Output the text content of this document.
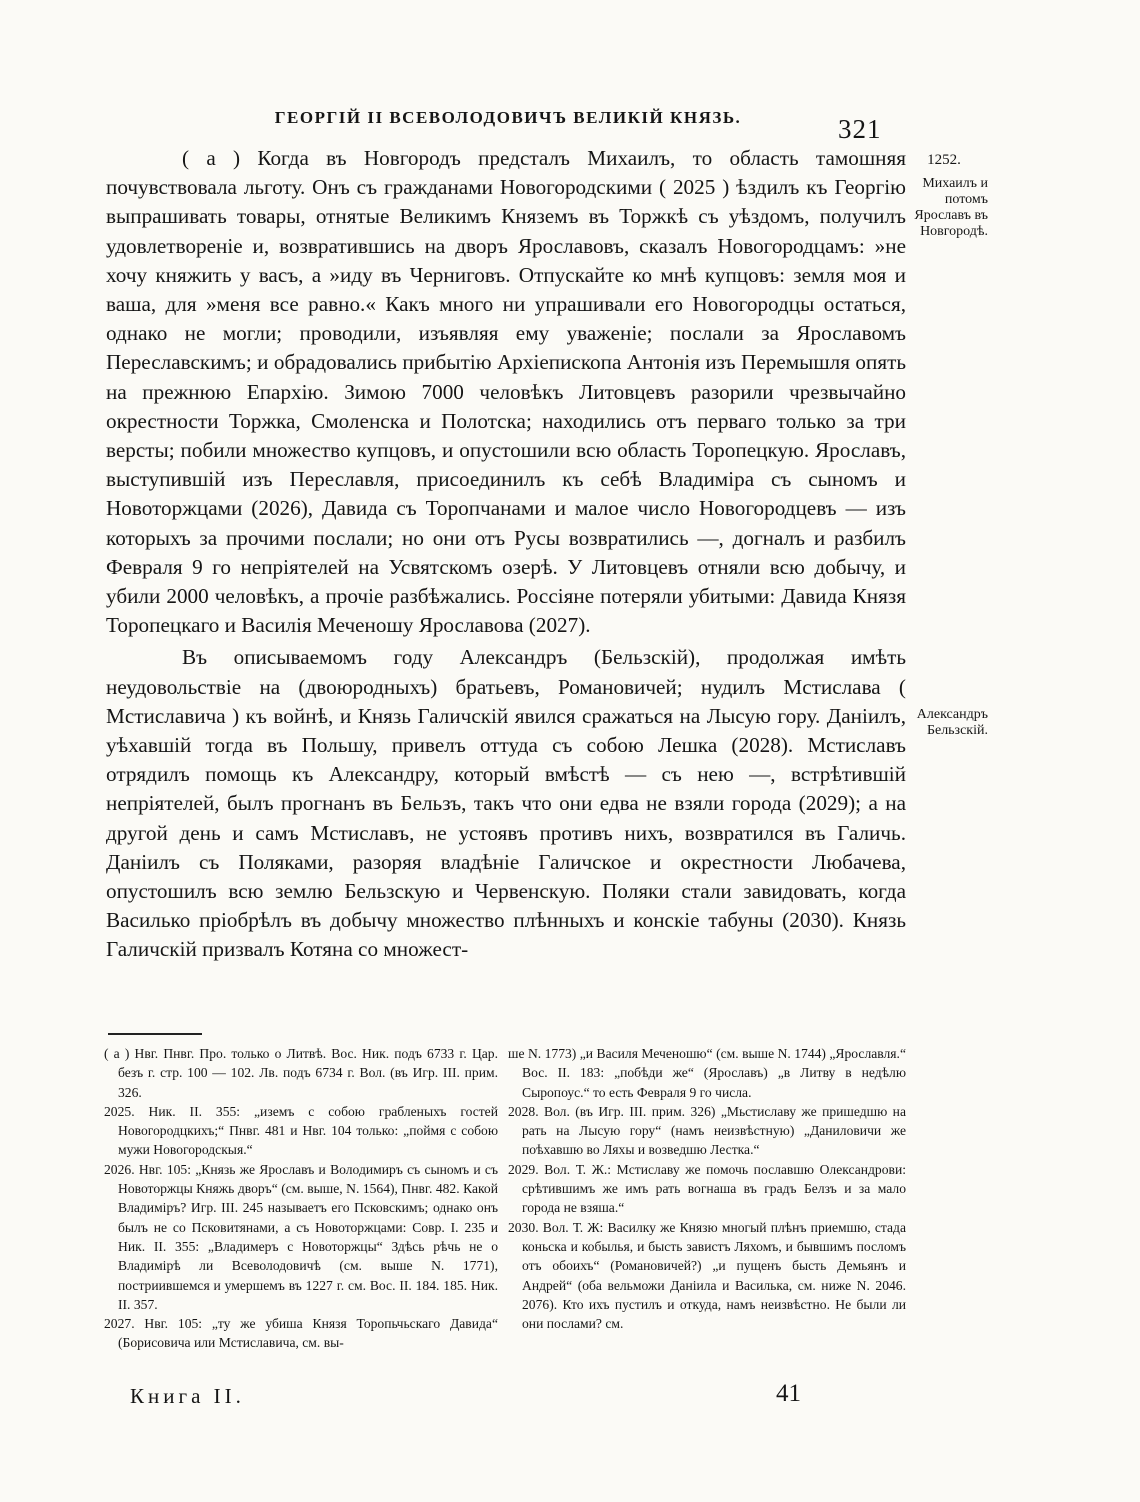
ГЕОРГІЙ II ВСЕВОЛОДОВИЧЪ ВЕЛИКІЙ КНЯЗЬ.	321
1252.
Михаилъ и потомъ Ярославъ въ Новгородѣ.
Александръ Бельзскій.

( а ) Когда въ Новгородъ предсталъ Михаилъ, то область тамошняя почувствовала льготу. Онъ съ гражданами Новогородскими ( 2025 ) ѣздилъ къ Георгію выпрашивать товары, отнятые Великимъ Княземъ въ Торжкѣ съ уѣздомъ, получилъ удовлетвореніе и, возвратившись на дворъ Ярославовъ, сказалъ Новогородцамъ: »не хочу княжить у васъ, а »иду въ Черниговъ. Отпускайте ко мнѣ купцовъ: земля моя и ваша, для »меня все равно.« Какъ много ни упрашивали его Новогородцы остаться, однако не могли; проводили, изъявляя ему уваженіе; послали за Ярославомъ Переславскимъ; и обрадовались прибытію Архіепископа Антонія изъ Перемышля опять на прежнюю Епархію. Зимою 7000 человѣкъ Литовцевъ разорили чрезвычайно окрестности Торжка, Смоленска и Полотска; находились отъ перваго только за три версты; побили множество купцовъ, и опустошили всю область Торопецкую. Ярославъ, выступившій изъ Переславля, присоединилъ къ себѣ Владиміра съ сыномъ и Новоторжцами (2026), Давида съ Торопчанами и малое число Новогородцевъ — изъ которыхъ за прочими послали; но они отъ Русы возвратились —, догналъ и разбилъ Февраля 9 го непріятелей на Усвятскомъ озерѣ. У Литовцевъ отняли всю добычу, и убили 2000 человѣкъ, а прочіе разбѣжались. Россіяне потеряли убитыми: Давида Князя Торопецкаго и Василія Меченошу Ярославова (2027).

Въ описываемомъ году Александръ (Бельзскій), продолжая имѣть неудовольствіе на (двоюродныхъ) братьевъ, Романовичей; нудилъ Мстислава ( Мстиславича ) къ войнѣ, и Князь Галичскій явился сражаться на Лысую гору. Даніилъ, уѣхавшій тогда въ Польшу, привелъ оттуда съ собою Лешка (2028). Мстиславъ отрядилъ помощь къ Александру, который вмѣстѣ — съ нею —, встрѣтившій непріятелей, былъ прогнанъ въ Бельзъ, такъ что они едва не взяли города (2029); а на другой день и самъ Мстиславъ, не устоявъ противъ нихъ, возвратился въ Галичь. Даніилъ съ Поляками, разоряя владѣніе Галичское и окрестности Любачева, опустошилъ всю землю Бельзскую и Червенскую. Поляки стали завидовать, когда Василько пріобрѣлъ въ добычу множество плѣнныхъ и конскіе табуны (2030). Князь Галичскій призвалъ Котяна со множест-

( а ) Нвг. Пнвг. Про. только о Литвѣ. Вос. Ник. подъ 6733 г. Цар. безъ г. стр. 100 — 102. Лв. подъ 6734 г. Вол. (въ Игр. III. прим. 326.

2025. Ник. II. 355: „иземъ с собою грабленыхъ гостей Новогородцкихъ;“ Пнвг. 481 и Нвг. 104 только: „поймя с собою мужи Новогородскыя.“

2026. Нвг. 105: „Князь же Ярославъ и Володимиръ съ сыномъ и съ Новоторжцы Княжь дворъ“ (см. выше, N. 1564), Пнвг. 482. Какой Владиміръ? Игр. III. 245 называетъ его Псковскимъ; однако онъ былъ не со Псковитянами, а съ Новоторжцами: Совр. I. 235 и Ник. II. 355: „Владимеръ с Новоторжцы“ Здѣсь рѣчь не о Владимірѣ ли Всеволодовичѣ (см. выше N. 1771), постриившемся и умершемъ въ 1227 г. см. Вос. II. 184. 185. Ник. II. 357.

2027. Нвг. 105: „ту же убиша Князя Торопьчьскаго Давида“ (Борисовича или Мстиславича, см. вы-

ше N. 1773) „и Василя Меченошю“ (см. выше N. 1744) „Ярославля.“ Вос. II. 183: „побѣди же“ (Ярославъ) „в Литву в недѣлю Сыропоус.“ то есть Февраля 9 го числа.

2028. Вол. (въ Игр. III. прим. 326) „Мьстиславу же пришедшю на рать на Лысую гору“ (намъ неизвѣстную) „Даниловичи же поѣхавшю во Ляхы и возведшю Лестка.“

2029. Вол. Т. Ж.: Мстиславу же помочь пославшю Олександрови: срѣтившимъ же имъ рать вогнаша въ градъ Белзъ и за мало города не взяша.“

2030. Вол. Т. Ж: Василку же Князю многый плѣнъ приемшю, стада коньска и кобылья, и бысть завистъ Ляхомъ, и бывшимъ посломъ отъ обоихъ“ (Романовичей?) „и пущенъ бысть Демьянъ и Андрей“ (оба вельможи Даніила и Василька, см. ниже N. 2046. 2076). Кто ихъ пустилъ и откуда, намъ неизвѣстно. Не были ли они послами? см.

Книга II.	41
